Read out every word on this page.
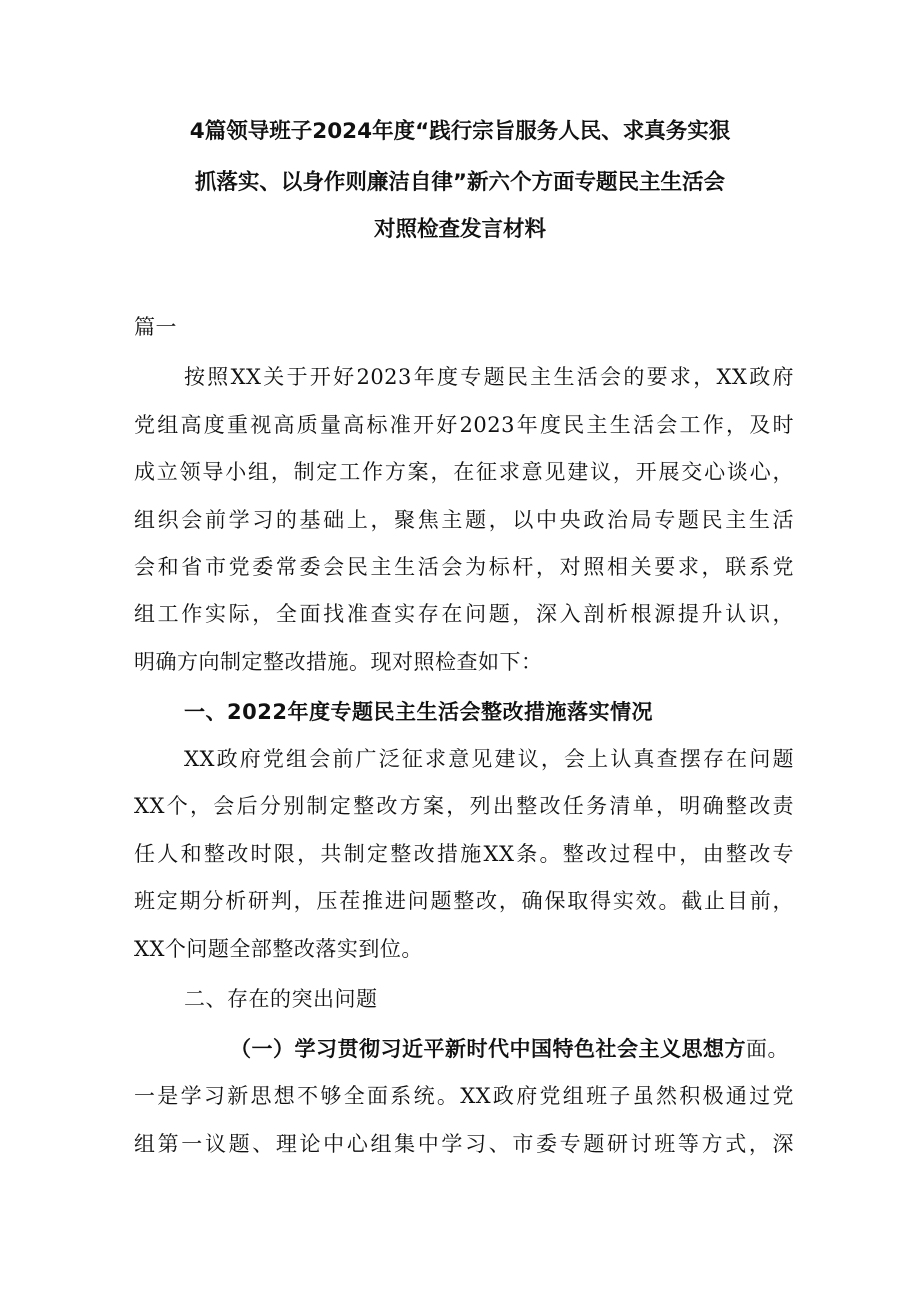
4篇领导班子2024年度“践行宗旨服务人民、求真务实狠
抓落实、以身作则廉洁自律”新六个方面专题民主生活会
对照检查发言材料
篇一
按照XX关于开好2023年度专题民主生活会的要求，XX政府
党组高度重视高质量高标准开好2023年度民主生活会工作，及时
成立领导小组，制定工作方案，在征求意见建议，开展交心谈心，
组织会前学习的基础上，聚焦主题，以中央政治局专题民主生活
会和省市党委常委会民主生活会为标杆，对照相关要求，联系党
组工作实际，全面找准查实存在问题，深入剖析根源提升认识，
明确方向制定整改措施。现对照检查如下：
一、2022年度专题民主生活会整改措施落实情况
XX政府党组会前广泛征求意见建议，会上认真查摆存在问题
XX个，会后分别制定整改方案，列出整改任务清单，明确整改责
任人和整改时限，共制定整改措施XX条。整改过程中，由整改专
班定期分析研判，压茬推进问题整改，确保取得实效。截止目前，
XX个问题全部整改落实到位。
二、存在的突出问题
（一）学习贯彻习近平新时代中国特色社会主义思想方面。
一是学习新思想不够全面系统。XX政府党组班子虽然积极通过党
组第一议题、理论中心组集中学习、市委专题研讨班等方式，深
